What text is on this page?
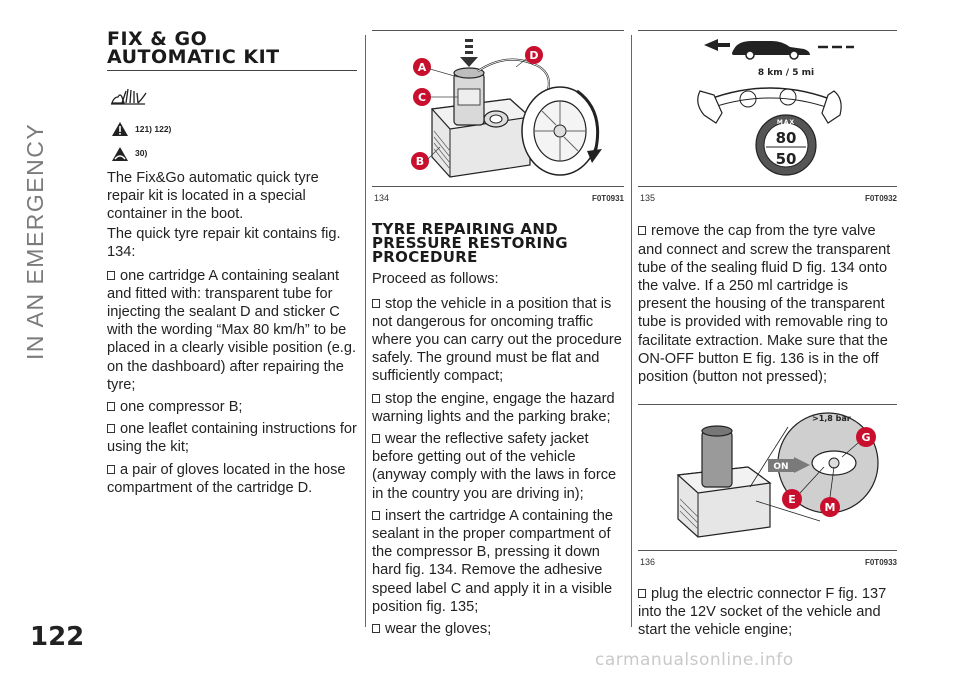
IN AN EMERGENCY
122
FIX & GO
AUTOMATIC KIT
121) 122)
30)

The Fix&Go automatic quick tyre repair kit is located in a special container in the boot.

The quick tyre repair kit contains fig. 134:

one cartridge A containing sealant and fitted with: transparent tube for injecting the sealant D and sticker C with the wording “Max 80 km/h” to be placed in a clearly visible position (e.g. on the dashboard) after repairing the tyre;

one compressor B;

one leaflet containing instructions for using the kit;

a pair of gloves located in the hose compartment of the cartridge D.

A
C
B
D
134	F0T0931
TYRE REPAIRING AND
PRESSURE RESTORING
PROCEDURE

Proceed as follows:

stop the vehicle in a position that is not dangerous for oncoming traffic where you can carry out the procedure safely. The ground must be flat and sufficiently compact;

stop the engine, engage the hazard warning lights and the parking brake;

wear the reflective safety jacket before getting out of the vehicle (anyway comply with the laws in force in the country you are driving in);

insert the cartridge A containing the sealant in the proper compartment of the compressor B, pressing it down hard fig. 134. Remove the adhesive speed label C and apply it in a visible position fig. 135;

wear the gloves;

8 km / 5 mi
MAX
80
50
135	F0T0932

remove the cap from the tyre valve and connect and screw the transparent tube of the sealing fluid D fig. 134 onto the valve. If a 250 ml cartridge is present the housing of the transparent tube is provided with removable ring to facilitate extraction. Make sure that the ON-OFF button E fig. 136 is in the off position (button not pressed);

>1,8 bar
ON
G
E
M
136	F0T0933

plug the electric connector F fig. 137 into the 12V socket of the vehicle and start the vehicle engine;

carmanualsonline.info
